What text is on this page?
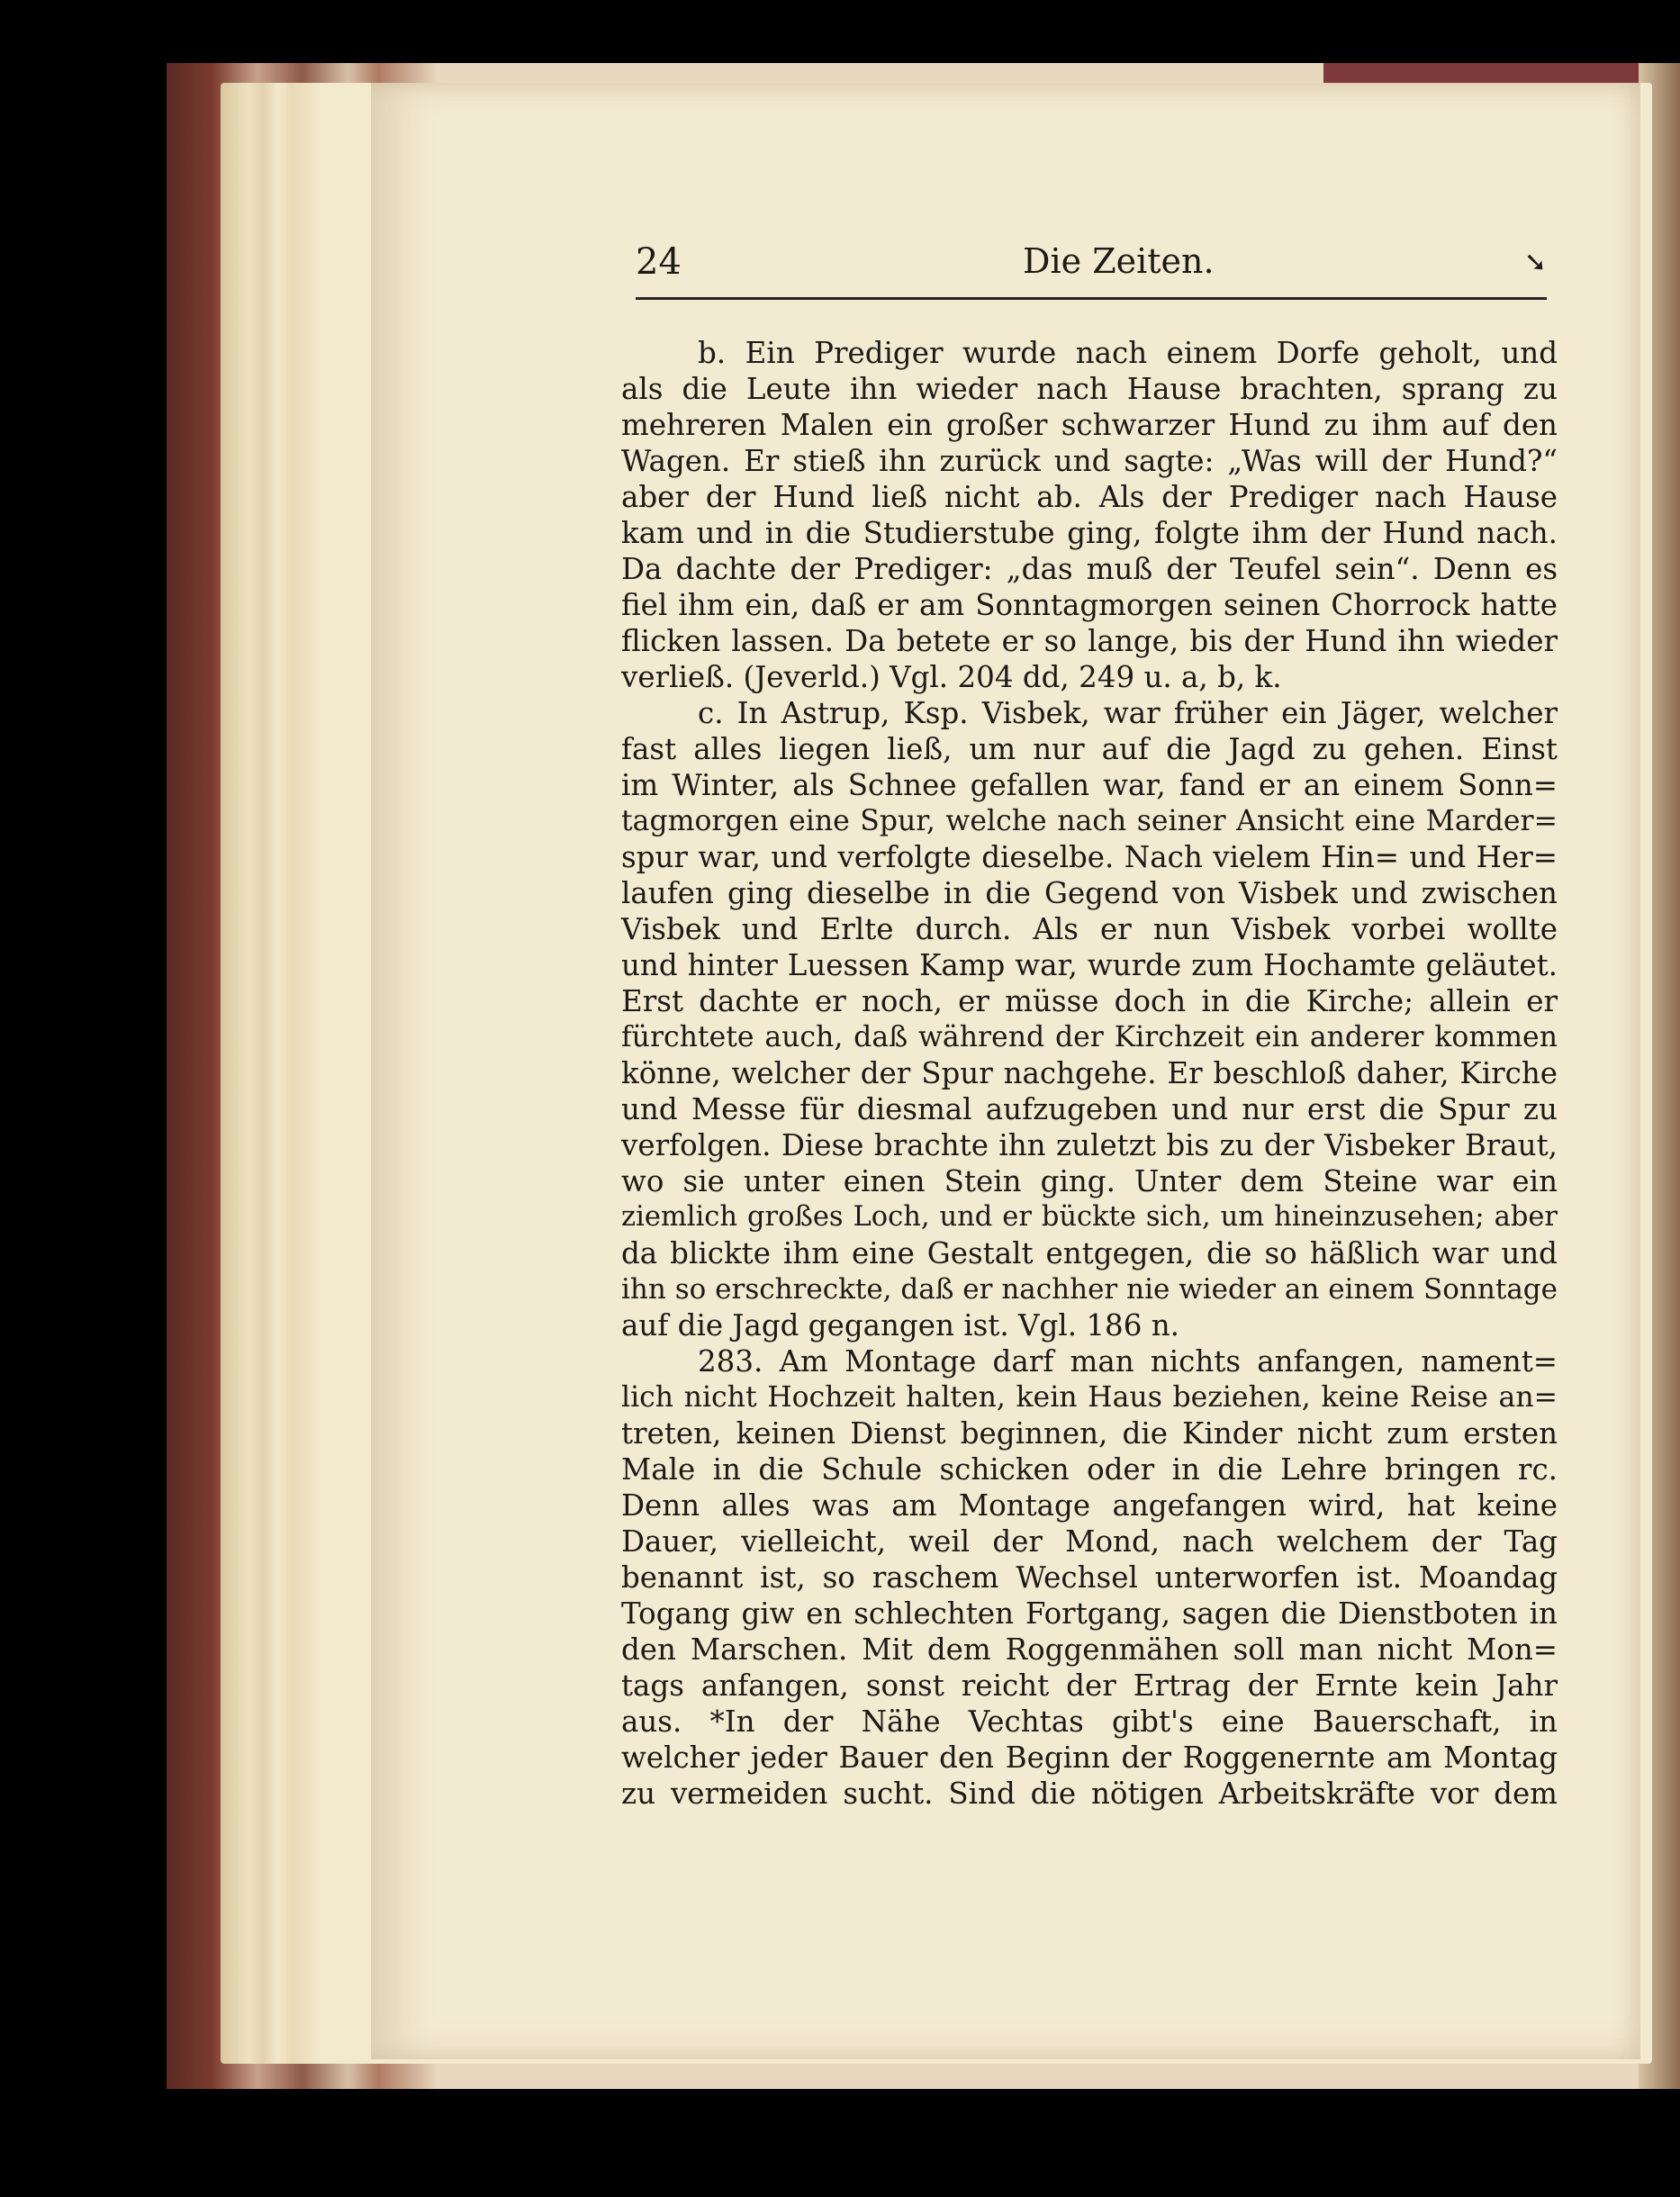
24	Die Zeiten.	➘
b. Ein Prediger wurde nach einem Dorfe geholt, und
als die Leute ihn wieder nach Hause brachten, sprang zu
mehreren Malen ein großer schwarzer Hund zu ihm auf den
Wagen. Er stieß ihn zurück und sagte: „Was will der Hund?“
aber der Hund ließ nicht ab. Als der Prediger nach Hause
kam und in die Studierstube ging, folgte ihm der Hund nach.
Da dachte der Prediger: „das muß der Teufel sein“. Denn es
fiel ihm ein, daß er am Sonntagmorgen seinen Chorrock hatte
flicken lassen. Da betete er so lange, bis der Hund ihn wieder
verließ. (Jeverld.) Vgl. 204 dd, 249 u. a, b, k.
c. In Astrup, Ksp. Visbek, war früher ein Jäger, welcher
fast alles liegen ließ, um nur auf die Jagd zu gehen. Einst
im Winter, als Schnee gefallen war, fand er an einem Sonn=
tagmorgen eine Spur, welche nach seiner Ansicht eine Marder=
spur war, und verfolgte dieselbe. Nach vielem Hin= und Her=
laufen ging dieselbe in die Gegend von Visbek und zwischen
Visbek und Erlte durch. Als er nun Visbek vorbei wollte
und hinter Luessen Kamp war, wurde zum Hochamte geläutet.
Erst dachte er noch, er müsse doch in die Kirche; allein er
fürchtete auch, daß während der Kirchzeit ein anderer kommen
könne, welcher der Spur nachgehe. Er beschloß daher, Kirche
und Messe für diesmal aufzugeben und nur erst die Spur zu
verfolgen. Diese brachte ihn zuletzt bis zu der Visbeker Braut,
wo sie unter einen Stein ging. Unter dem Steine war ein
ziemlich großes Loch, und er bückte sich, um hineinzusehen; aber
da blickte ihm eine Gestalt entgegen, die so häßlich war und
ihn so erschreckte, daß er nachher nie wieder an einem Sonntage
auf die Jagd gegangen ist. Vgl. 186 n.
283. Am Montage darf man nichts anfangen, nament=
lich nicht Hochzeit halten, kein Haus beziehen, keine Reise an=
treten, keinen Dienst beginnen, die Kinder nicht zum ersten
Male in die Schule schicken oder in die Lehre bringen rc.
Denn alles was am Montage angefangen wird, hat keine
Dauer, vielleicht, weil der Mond, nach welchem der Tag
benannt ist, so raschem Wechsel unterworfen ist. Moandag
Togang giw en schlechten Fortgang, sagen die Dienstboten in
den Marschen. Mit dem Roggenmähen soll man nicht Mon=
tags anfangen, sonst reicht der Ertrag der Ernte kein Jahr
aus. *In der Nähe Vechtas gibt's eine Bauerschaft, in
welcher jeder Bauer den Beginn der Roggenernte am Montag
zu vermeiden sucht. Sind die nötigen Arbeitskräfte vor dem
